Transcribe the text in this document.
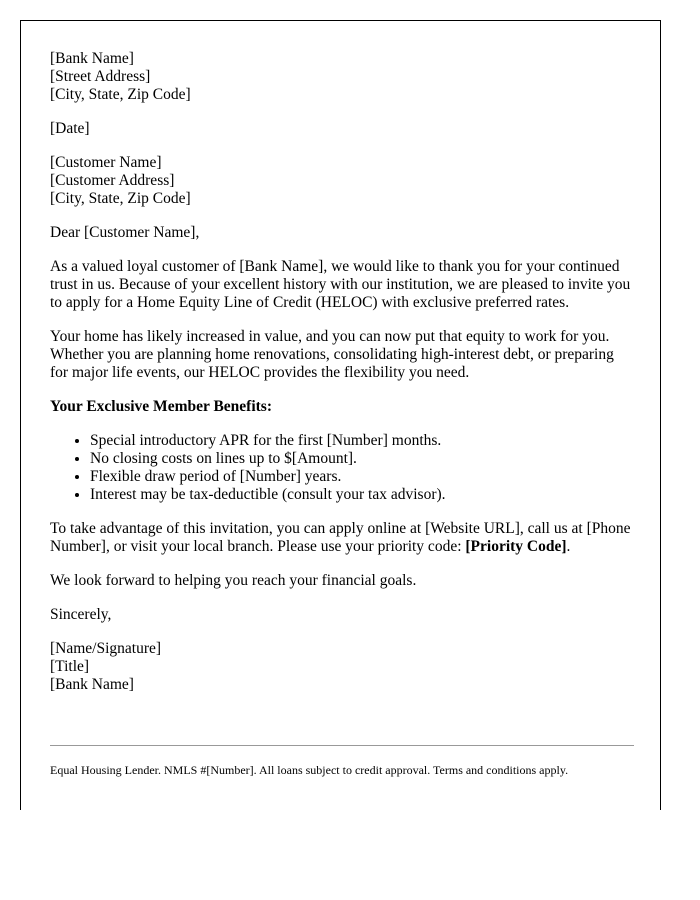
[Bank Name]
[Street Address]
[City, State, Zip Code]
[Date]
[Customer Name]
[Customer Address]
[City, State, Zip Code]

Dear [Customer Name],

As a valued loyal customer of [Bank Name], we would like to thank you for your continued trust in us. Because of your excellent history with our institution, we are pleased to invite you to apply for a Home Equity Line of Credit (HELOC) with exclusive preferred rates.

Your home has likely increased in value, and you can now put that equity to work for you. Whether you are planning home renovations, consolidating high-interest debt, or preparing for major life events, our HELOC provides the flexibility you need.

Your Exclusive Member Benefits:
• Special introductory APR for the first [Number] months.
• No closing costs on lines up to $[Amount].
• Flexible draw period of [Number] years.
• Interest may be tax-deductible (consult your tax advisor).

To take advantage of this invitation, you can apply online at [Website URL], call us at [Phone Number], or visit your local branch. Please use your priority code: [Priority Code].

We look forward to helping you reach your financial goals.

Sincerely,

[Name/Signature]
[Title]
[Bank Name]
Equal Housing Lender. NMLS #[Number]. All loans subject to credit approval. Terms and conditions apply.
